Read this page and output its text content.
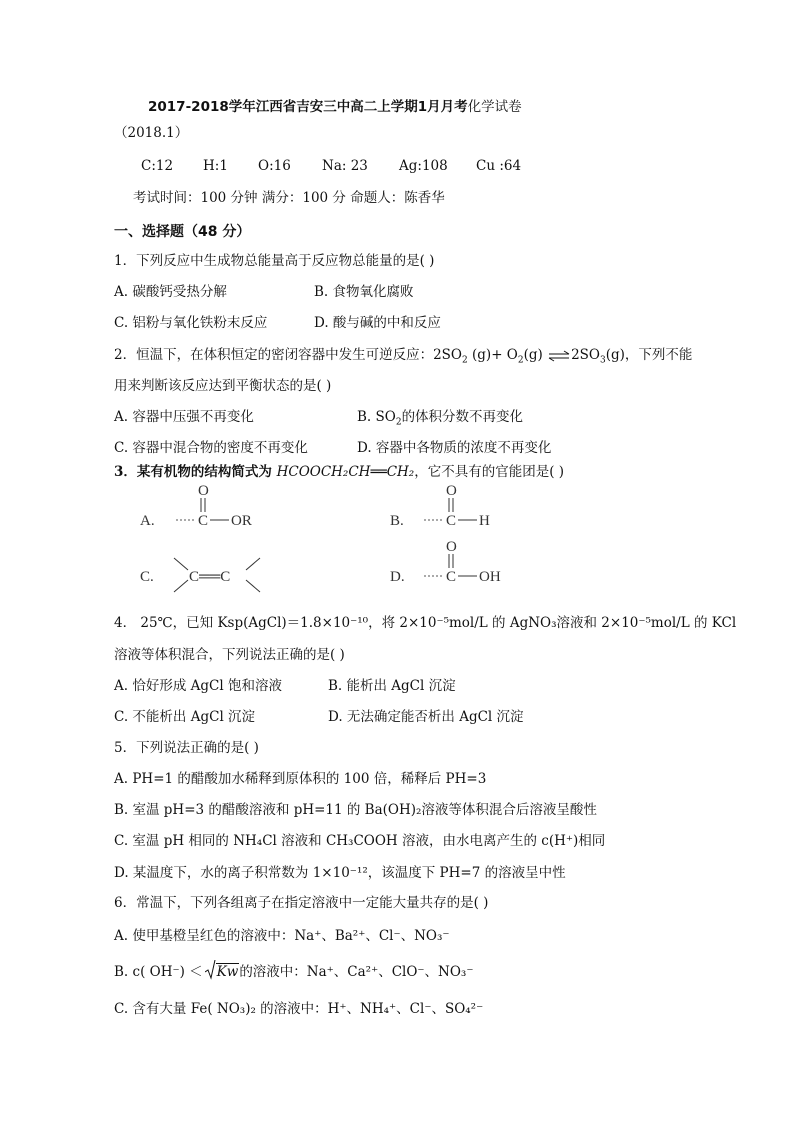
2017-2018学年江西省吉安三中高二上学期1月月考化学试卷
（2018.1）
C:12 H:1 O:16 Na: 23 Ag:108 Cu :64
考试时间：100 分钟 满分：100 分 命题人：陈香华
一、选择题（48 分）
1．下列反应中生成物总能量高于反应物总能量的是( )
A. 碳酸钙受热分解	B. 食物氧化腐败
C. 铝粉与氧化铁粉末反应	D. 酸与碱的中和反应
2．恒温下，在体积恒定的密闭容器中发生可逆反应：$2SO_2$ $(g)+ O_2(g)$ $\rightleftharpoons 2SO_3(g)$，下列不能
用来判断该反应达到平衡状态的是( )
A. 容器中压强不再变化	B. $SO_2$的体积分数不再变化
C. 容器中混合物的密度不再变化	D. 容器中各物质的浓度不再变化
3．某有机物的结构简式为 HCOOCH₂CH══CH₂，它不具有的官能团是( )
A.	C
O
OR	B.	C
O
H
C. C══C	D.	C
O
OH
4． 25℃，已知 Ksp(AgCl)＝1.8×10⁻¹⁰，将 2×10⁻⁵mol/L 的 AgNO₃溶液和 2×10⁻⁵mol/L 的 KCl
溶液等体积混合，下列说法正确的是( )
A. 恰好形成 AgCl 饱和溶液	B. 能析出 AgCl 沉淀
C. 不能析出 AgCl 沉淀	D. 无法确定能否析出 AgCl 沉淀
5．下列说法正确的是( )
A. PH=1 的醋酸加水稀释到原体积的 100 倍，稀释后 PH=3
B. 室温 pH=3 的醋酸溶液和 pH=11 的 Ba(OH)₂溶液等体积混合后溶液呈酸性
C. 室温 pH 相同的 NH₄Cl 溶液和 CH₃COOH 溶液，由水电离产生的 c(H⁺)相同
D. 某温度下，水的离子积常数为 1×10⁻¹²，该温度下 PH=7 的溶液呈中性
6．常温下，下列各组离子在指定溶液中一定能大量共存的是( )
A. 使甲基橙呈红色的溶液中：Na⁺、Ba²⁺、Cl⁻、NO₃⁻
B. c( OH⁻) ＜ Kw的溶液中：Na⁺、Ca²⁺、ClO⁻、NO₃⁻
C. 含有大量 Fe( NO₃)₂ 的溶液中：H⁺、NH₄⁺、Cl⁻、SO₄²⁻
